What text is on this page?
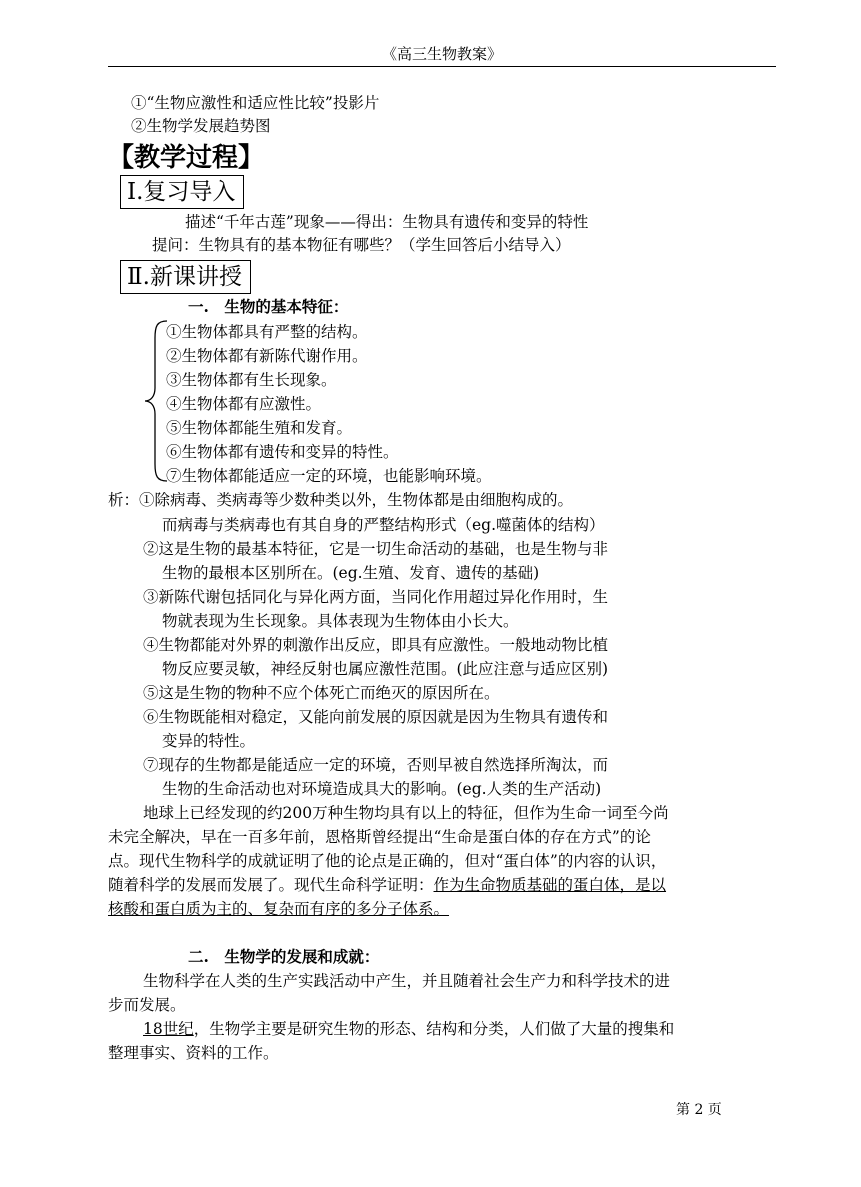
《高三生物教案》
①“生物应激性和适应性比较”投影片
②生物学发展趋势图
【教学过程】
Ⅰ.复习导入
描述“千年古莲”现象——得出：生物具有遗传和变异的特性
提问：生物具有的基本物征有哪些？（学生回答后小结导入）
Ⅱ.新课讲授
一.　生物的基本特征：
①生物体都具有严整的结构。
②生物体都有新陈代谢作用。
③生物体都有生长现象。
④生物体都有应激性。
⑤生物体都能生殖和发育。
⑥生物体都有遗传和变异的特性。
⑦生物体都能适应一定的环境，也能影响环境。
析：①除病毒、类病毒等少数种类以外，生物体都是由细胞构成的。
而病毒与类病毒也有其自身的严整结构形式（eg.噬菌体的结构）
②这是生物的最基本特征，它是一切生命活动的基础，也是生物与非
生物的最根本区别所在。(eg.生殖、发育、遗传的基础)
③新陈代谢包括同化与异化两方面，当同化作用超过异化作用时，生
物就表现为生长现象。具体表现为生物体由小长大。
④生物都能对外界的刺激作出反应，即具有应激性。一般地动物比植
物反应要灵敏，神经反射也属应激性范围。(此应注意与适应区别)
⑤这是生物的物种不应个体死亡而绝灭的原因所在。
⑥生物既能相对稳定，又能向前发展的原因就是因为生物具有遗传和
变异的特性。
⑦现存的生物都是能适应一定的环境，否则早被自然选择所淘汰，而
生物的生命活动也对环境造成具大的影响。(eg.人类的生产活动)
地球上已经发现的约200万种生物均具有以上的特征，但作为生命一词至今尚
未完全解决，早在一百多年前，恩格斯曾经提出“生命是蛋白体的存在方式”的论
点。现代生物科学的成就证明了他的论点是正确的，但对“蛋白体”的内容的认识，
随着科学的发展而发展了。现代生命科学证明：作为生命物质基础的蛋白体，是以
核酸和蛋白质为主的、复杂而有序的多分子体系。
二.　生物学的发展和成就：
生物科学在人类的生产实践活动中产生，并且随着社会生产力和科学技术的进
步而发展。
18世纪，生物学主要是研究生物的形态、结构和分类，人们做了大量的搜集和
整理事实、资料的工作。
第 2 页
